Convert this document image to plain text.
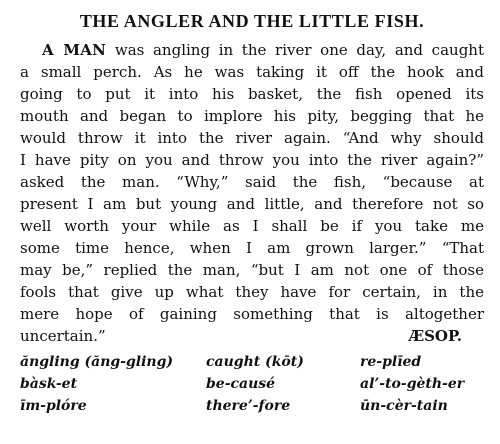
THE ANGLER AND THE LITTLE FISH.
A MAN was angling in the river one day, and caught
a small perch. As he was taking it off the hook and
going to put it into his basket, the fish opened its
mouth and began to implore his pity, begging that he
would throw it into the river again. “And why should
I have pity on you and throw you into the river again?”
asked the man. “Why,” said the fish, “because at
present I am but young and little, and therefore not so
well worth your while as I shall be if you take me
some time hence, when I am grown larger.” “That
may be,” replied the man, “but I am not one of those
fools that give up what they have for certain, in the
mere hope of gaining something that is altogether
uncertain.”	ÆSOP.
ăngling (ăng-gling)	caught (kōt)	re-plīed
bàsk-et	be-causé	al’-to-gèth-er
īm-plóre	there’-fore	ūn-cèr-tain
